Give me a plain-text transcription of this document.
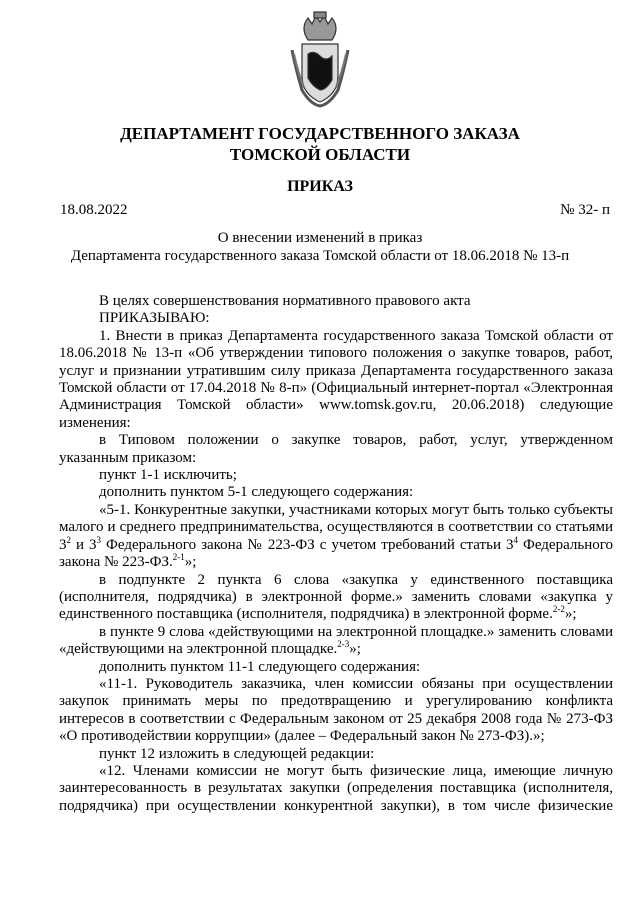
ДЕПАРТАМЕНТ ГОСУДАРСТВЕННОГО ЗАКАЗА
ТОМСКОЙ ОБЛАСТИ
ПРИКАЗ
18.08.2022	№ 32- п
О внесении изменений в приказ
Департамента государственного заказа Томской области от 18.06.2018 № 13-п

В целях совершенствования нормативного правового акта

ПРИКАЗЫВАЮ:

1. Внести в приказ Департамента государственного заказа Томской области от 18.06.2018 № 13-п «Об утверждении типового положения о закупке товаров, работ, услуг и признании утратившим силу приказа Департамента государственного заказа Томской области от 17.04.2018 № 8-п» (Официальный интернет-портал «Электронная Администрация Томской области» www.tomsk.gov.ru, 20.06.2018) следующие изменения:

в Типовом положении о закупке товаров, работ, услуг, утвержденном указанным приказом:

пункт 1-1 исключить;

дополнить пунктом 5-1 следующего содержания:

«5-1. Конкурентные закупки, участниками которых могут быть только субъекты малого и среднего предпринимательства, осуществляются в соответствии со статьями $3^2$ и $3^3$ Федерального закона № 223-ФЗ с учетом требований статьи $3^4$ Федерального закона № 223-ФЗ.$^{2-1}$»;

в подпункте 2 пункта 6 слова «закупка у единственного поставщика (исполнителя, подрядчика) в электронной форме.» заменить словами «закупка у единственного поставщика (исполнителя, подрядчика) в электронной форме.$^{2-2}$»;

в пункте 9 слова «действующими на электронной площадке.» заменить словами «действующими на электронной площадке.$^{2-3}$»;

дополнить пунктом 11-1 следующего содержания:

«11-1. Руководитель заказчика, член комиссии обязаны при осуществлении закупок принимать меры по предотвращению и урегулированию конфликта интересов в соответствии с Федеральным законом от 25 декабря 2008 года № 273-ФЗ «О противодействии коррупции» (далее – Федеральный закон № 273-ФЗ).»;

пункт 12 изложить в следующей редакции:

«12. Членами комиссии не могут быть физические лица, имеющие личную заинтересованность в результатах закупки (определения поставщика (исполнителя, подрядчика) при осуществлении конкурентной закупки), в том числе физические
